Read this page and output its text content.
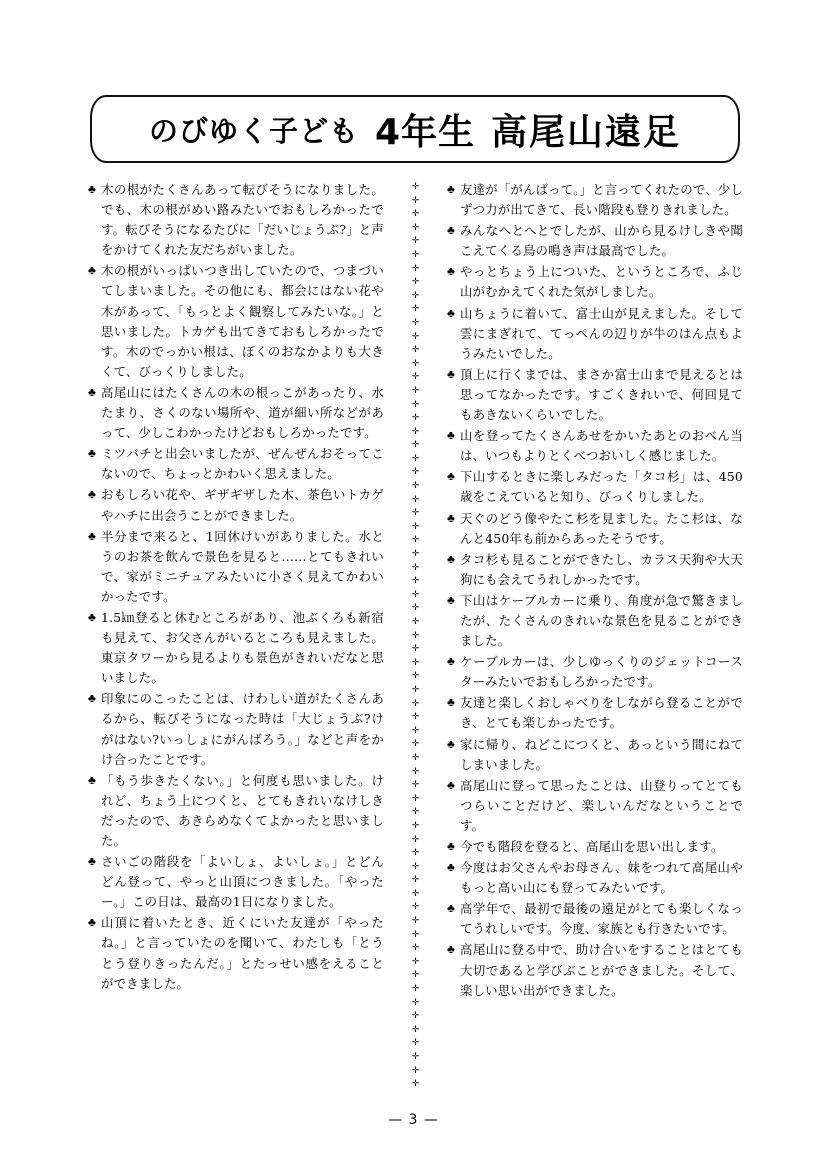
のびゆく子ども 4年生 高尾山遠足
♣ 木の根がたくさんあって転びそうになりました。でも、木の根がめい路みたいでおもしろかったです。転びそうになるたびに「だいじょうぶ?」と声をかけてくれた友だちがいました。
♣ 木の根がいっぱいつき出していたので、つまづいてしまいました。その他にも、都会にはない花や木があって、「もっとよく観察してみたいな。」と思いました。トカゲも出てきておもしろかったです。木のでっかい根は、ぼくのおなかよりも大きくて、びっくりしました。
♣ 高尾山にはたくさんの木の根っこがあったり、水たまり、さくのない場所や、道が細い所などがあって、少しこわかったけどおもしろかったです。
♣ ミツバチと出会いましたが、ぜんぜんおそってこないので、ちょっとかわいく思えました。
♣ おもしろい花や、ギザギザした木、茶色いトカゲやハチに出会うことができました。
♣ 半分まで来ると、1回休けいがありました。水とうのお茶を飲んで景色を見ると……とてもきれいで、家がミニチュアみたいに小さく見えてかわいかったです。
♣ 1.5㎞登ると休むところがあり、池ぶくろも新宿も見えて、お父さんがいるところも見えました。東京タワーから見るよりも景色がきれいだなと思いました。
♣ 印象にのこったことは、けわしい道がたくさんあるから、転びそうになった時は「大じょうぶ?けがはない?いっしょにがんばろう。」などと声をかけ合ったことです。
♣ 「もう歩きたくない。」と何度も思いました。けれど、ちょう上につくと、とてもきれいなけしきだったので、あきらめなくてよかったと思いました。
♣ さいごの階段を「よいしょ、よいしょ。」とどんどん登って、やっと山頂につきました。「やったー。」この日は、最高の1日になりました。
♣ 山頂に着いたとき、近くにいた友達が「やったね。」と言っていたのを聞いて、わたしも「とうとう登りきったんだ。」とたっせい感をえることができました。
✛
✛
✛
✛
✛
✛
✛
✛
✛
✛
✛
✛
✛
✛
✛
✛
✛
✛
✛
✛
✛
✛
✛
✛
✛
✛
✛
✛
✛
✛
✛
✛
✛
✛
✛
✛
✛
✛
✛
✛
✛
✛
✛
✛
✛
✛
✛
✛
✛
✛
✛
✛
✛
✛
✛
✛
✛
✛
✛
✛
✛
✛
✛
✛
✛
✛
✛
♣ 友達が「がんばって。」と言ってくれたので、少しずつ力が出てきて、長い階段も登りきれました。
♣ みんなへとへとでしたが、山から見るけしきや聞こえてくる鳥の鳴き声は最高でした。
♣ やっとちょう上についた、というところで、ふじ山がむかえてくれた気がしました。
♣ 山ちょうに着いて、富士山が見えました。そして雲にまぎれて、てっぺんの辺りが牛のはん点もようみたいでした。
♣ 頂上に行くまでは、まさか富士山まで見えるとは思ってなかったです。すごくきれいで、何回見てもあきないくらいでした。
♣ 山を登ってたくさんあせをかいたあとのおべん当は、いつもよりとくべつおいしく感じました。
♣ 下山するときに楽しみだった「タコ杉」は、450歳をこえていると知り、びっくりしました。
♣ 天ぐのどう像やたこ杉を見ました。たこ杉は、なんと450年も前からあったそうです。
♣ タコ杉も見ることができたし、カラス天狗や大天狗にも会えてうれしかったです。
♣ 下山はケーブルカーに乗り、角度が急で驚きましたが、たくさんのきれいな景色を見ることができました。
♣ ケーブルカーは、少しゆっくりのジェットコースターみたいでおもしろかったです。
♣ 友達と楽しくおしゃべりをしながら登ることができ、とても楽しかったです。
♣ 家に帰り、ねどこにつくと、あっという間にねてしまいました。
♣ 高尾山に登って思ったことは、山登りってとてもつらいことだけど、楽しいんだなということです。
♣ 今でも階段を登ると、高尾山を思い出します。
♣ 今度はお父さんやお母さん、妹をつれて高尾山やもっと高い山にも登ってみたいです。
♣ 高学年で、最初で最後の遠足がとても楽しくなってうれしいです。今度、家族とも行きたいです。
♣ 高尾山に登る中で、助け合いをすることはとても大切であると学びぶことができました。そして、楽しい思い出ができました。
— 3 —
